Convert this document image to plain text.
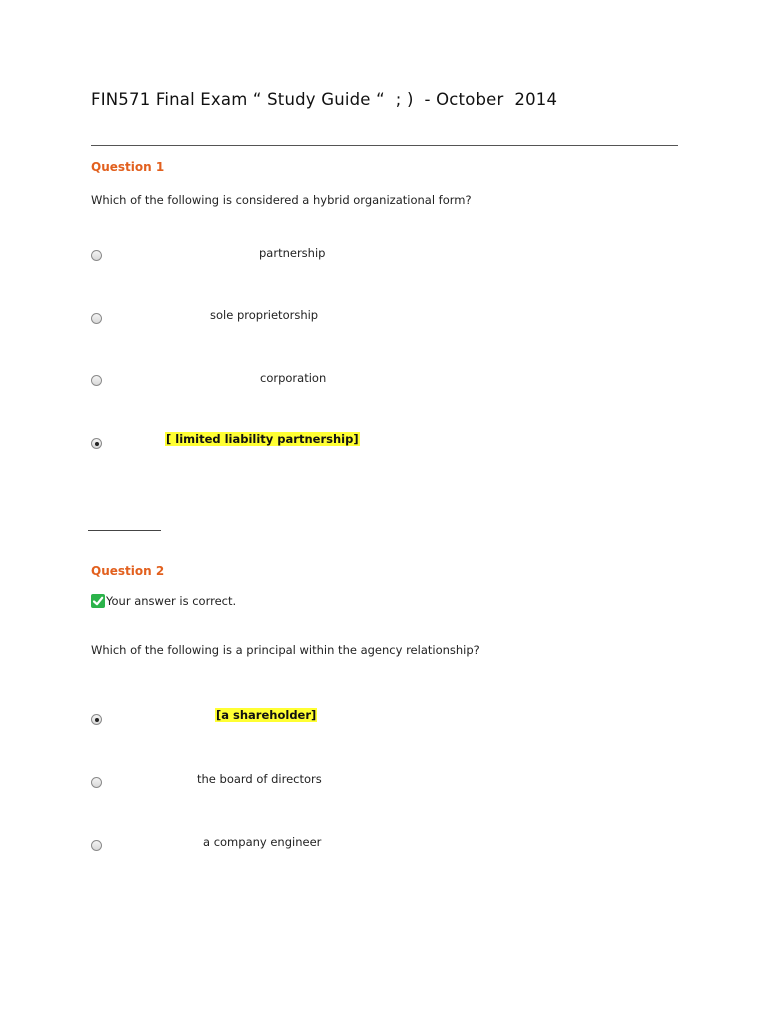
FIN571 Final Exam “ Study Guide “  ; )  - October  2014
Question 1
Which of the following is considered a hybrid organizational form?
partnership
sole proprietorship
corporation
[ limited liability partnership]
Question 2
Your answer is correct.
Which of the following is a principal within the agency relationship?
[a shareholder]
the board of directors
a company engineer
